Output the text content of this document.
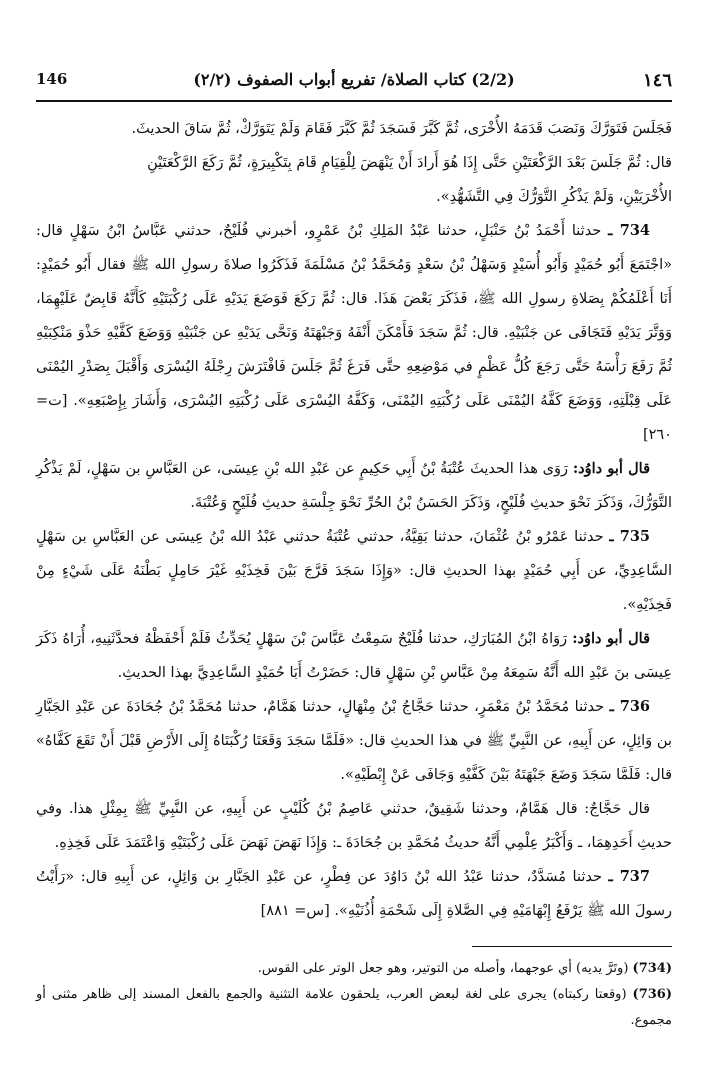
١٤٦
(2/2) كتاب الصلاة/ تفريع أبواب الصفوف (٢/٢)
146

فَجَلَسَ فَتَوَرَّكَ وَنَصَبَ قَدَمَهُ الأُخْرَى، ثُمَّ كَبَّرَ فَسَجَدَ ثُمَّ كَبَّرَ فَقَامَ وَلَمْ يَتَوَرَّكْ، ثُمَّ سَاقَ الحديثَ.
قال: ثُمَّ جَلَسَ بَعْدَ الرَّكْعَتَيْنِ حَتَّى إِذَا هُوَ أَرادَ أَنْ يَنْهَضَ لِلْقِيَامِ قَامَ بِتَكْبِيرَةٍ، ثُمَّ رَكَعَ الرَّكْعَتَيْنِ
الأُخْرَيَيْنِ، وَلَمْ يَذْكُرِ التَّوَرُّكَ فِي التَّشَهُّدِ».

734 ـ حدثنا أَحْمَدُ بْنُ حَنْبَلٍ، حدثنا عَبْدُ المَلِكِ بْنُ عَمْرٍو، أخبرني فُلَيْحٌ، حدثني عَبَّاسُ ابْنُ سَهْلٍ قال: «اجْتَمَعَ أَبُو حُمَيْدٍ وَأَبُو أُسَيْدٍ وَسَهْلُ بْنُ سَعْدٍ وَمُحَمَّدُ بْنُ مَسْلَمَةَ فَذَكَرُوا صلاةَ رسولِ الله ﷺ فقال أَبُو حُمَيْدٍ: أَنَا أَعْلَمُكُمْ بِصَلاةِ رسولِ الله ﷺ، فَذَكَرَ بَعْضَ هَذَا. قال: ثُمَّ رَكَعَ فَوَضَعَ يَدَيْهِ عَلَى رُكْبَتَيْهِ كَأَنَّهُ قَابِضٌ عَلَيْهِمَا، وَوَتَّرَ يَدَيْهِ فَتَجَافَى عن جَنْبَيْهِ. قال: ثُمَّ سَجَدَ فَأَمْكَنَ أَنْفَهُ وَجَبْهَتَهُ وَنَحَّى يَدَيْهِ عن جَنْبَيْهِ وَوَضَعَ كَفَّيْهِ حَذْوَ مَنْكِبَيْهِ ثُمَّ رَفَعَ رَأْسَهُ حَتَّى رَجَعَ كُلُّ عَظْمٍ في مَوْضِعِهِ حتَّى فَرَغَ ثُمَّ جَلَسَ فَافْتَرَشَ رِجْلَهُ اليُسْرَى وَأَقْبَلَ بِصَدْرِ اليُمْنَى عَلَى قِبْلَتِهِ، وَوَضَعَ كَفَّهُ اليُمْنَى عَلَى رُكْبَتِهِ اليُمْنَى، وَكَفَّهُ اليُسْرَى عَلَى رُكْبَتِهِ اليُسْرَى، وَأَشَارَ بِإِصْبَعِهِ». [ت= ٢٦٠]

قال أبو داوُد: رَوَى هذا الحديثَ عُتْبَةُ بْنُ أَبِي حَكِيمٍ عن عَبْدِ الله بْنِ عِيسَى، عن العَبَّاسِ بن سَهْلٍ، لَمْ يَذْكُرِ التَّوَرُّكَ، وَذَكَرَ نَحْوَ حديثِ فُلَيْحٍ، وَذَكَرَ الحَسَنُ بْنُ الحُرِّ نَحْوَ جِلْسَةِ حديثِ فُلَيْحٍ وَعُتْبَةَ.

735 ـ حدثنا عَمْرُو بْنُ عُثْمَانَ، حدثنا بَقِيَّةُ، حدثني عُتْبَةُ حدثني عَبْدُ الله بْنُ عِيسَى عن العَبَّاسِ بن سَهْلٍ السَّاعِدِيِّ، عن أَبِي حُمَيْدٍ بهذا الحديثِ قال: «وَإِذَا سَجَدَ فَرَّجَ بَيْنَ فَخِذَيْهِ غَيْرَ حَامِلٍ بَطْنَهُ عَلَى شَيْءٍ مِنْ فَخِذَيْهِ».

قال أبو داوُد: رَوَاهُ ابْنُ المُبَارَكِ، حدثنا فُلَيْحٌ سَمِعْتُ عَبَّاسَ بْنَ سَهْلٍ يُحَدِّثُ فَلَمْ أَحْفَظْهُ فحدَّثَنِيهِ، أُرَاهُ ذَكَرَ عِيسَى بنَ عَبْدِ الله أَنَّهُ سَمِعَهُ مِنْ عَبَّاسِ بْنِ سَهْلٍ قال: حَضَرْتُ أَبَا حُمَيْدٍ السَّاعِدِيَّ بهذا الحديثِ.

736 ـ حدثنا مُحَمَّدُ بْنُ مَعْمَرٍ، حدثنا حَجَّاجُ بْنُ مِنْهَالٍ، حدثنا هَمَّامٌ، حدثنا مُحَمَّدُ بْنُ جُحَادَةَ عن عَبْدِ الجَبَّارِ بن وَائِلٍ، عن أَبِيهِ، عن النَّبِيِّ ﷺ في هذا الحديثِ قال: «فَلَمَّا سَجَدَ وَقَعَتَا رُكْبَتَاهُ إِلَى الأَرْضِ قَبْلَ أَنْ تَقَعَ كَفَّاهُ» قال: فَلَمَّا سَجَدَ وَضَعَ جَبْهَتَهُ بَيْنَ كَفَّيْهِ وَجَافَى عَنْ إِبْطَيْهِ».

قال حَجَّاجٌ: قال هَمَّامٌ، وحدثنا شَقِيقٌ، حدثني عَاصِمُ بْنُ كُلَيْبٍ عن أَبِيهِ، عن النَّبِيِّ ﷺ بِمِثْلِ هذا. وفي حديثِ أَحَدِهِمَا، ـ وَأَكْبَرُ عِلْمِي أَنَّهُ حديثُ مُحَمَّدِ بن جُحَادَةَ ـ: وَإِذَا نَهَضَ نَهَضَ عَلَى رُكْبَتَيْهِ وَاعْتَمَدَ عَلَى فَخِذِهِ.

737 ـ حدثنا مُسَدَّدٌ، حدثنا عَبْدُ الله بْنُ دَاوُدَ عن فِطْرٍ، عن عَبْدِ الجَبَّارِ بن وَائِلٍ، عن أَبِيهِ قال: «رَأَيْتُ رسولَ الله ﷺ يَرْفَعُ إِبْهَامَيْهِ فِي الصَّلاةِ إِلَى شَحْمَةِ أُذُنَيْهِ». [س= ٨٨١]

(734) (وتَرَّ يديه) أي عوجهما، وأصله من التوتير، وهو جعل الوتر على القوس.

(736) (وقعتا ركبتاه) يجرى على لغة لبعض العرب، يلحقون علامة التثنية والجمع بالفعل المسند إلى ظاهر مثنى أو مجموع.
